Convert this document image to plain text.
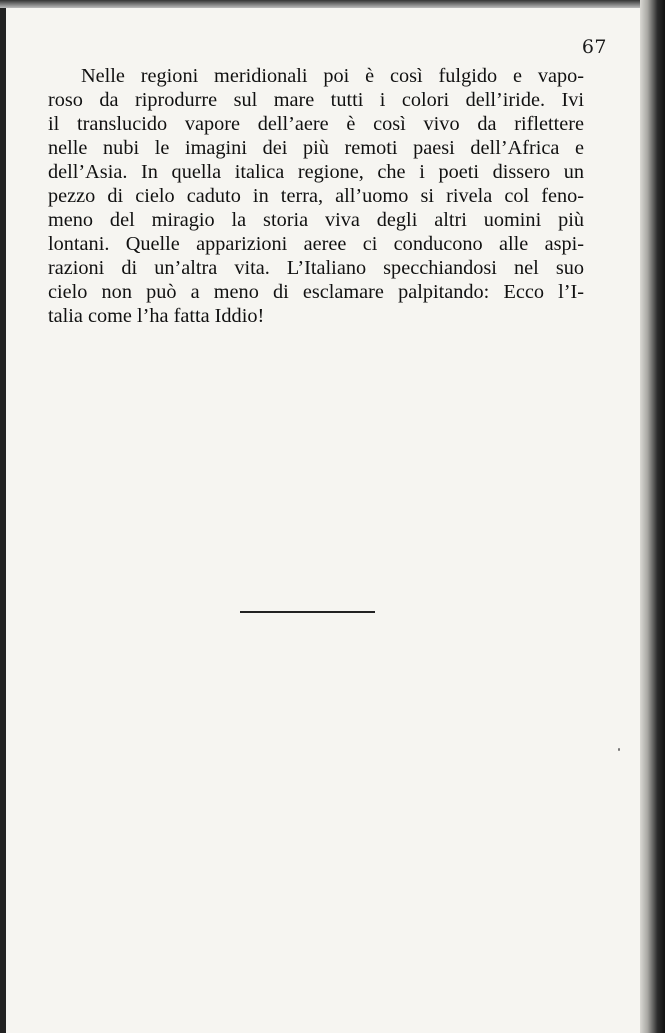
67
Nelle regioni meridionali poi è così fulgido e vapo-
roso da riprodurre sul mare tutti i colori dell’iride. Ivi
il translucido vapore dell’aere è così vivo da riflettere
nelle nubi le imagini dei più remoti paesi dell’Africa e
dell’Asia. In quella italica regione, che i poeti dissero un
pezzo di cielo caduto in terra, all’uomo si rivela col feno-
meno del miragio la storia viva degli altri uomini più
lontani. Quelle apparizioni aeree ci conducono alle aspi-
razioni di un’altra vita. L’Italiano specchiandosi nel suo
cielo non può a meno di esclamare palpitando: Ecco l’I-
talia come l’ha fatta Iddio!
